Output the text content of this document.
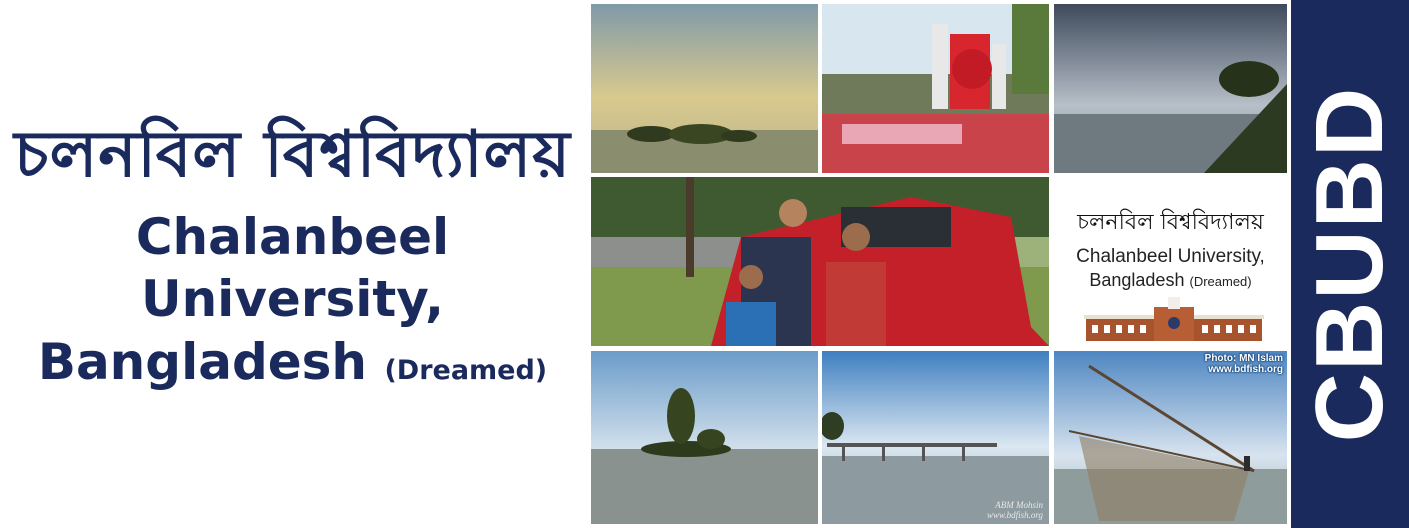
চলনবিল বিশ্ববিদ্যালয়
Chalanbeel University,
Bangladesh (Dreamed)
চলনবিল বিশ্ববিদ্যালয়
Chalanbeel University,
Bangladesh (Dreamed)
ABM Mohsin
www.bdfish.org
Photo: MN Islam
www.bdfish.org CBUBD
